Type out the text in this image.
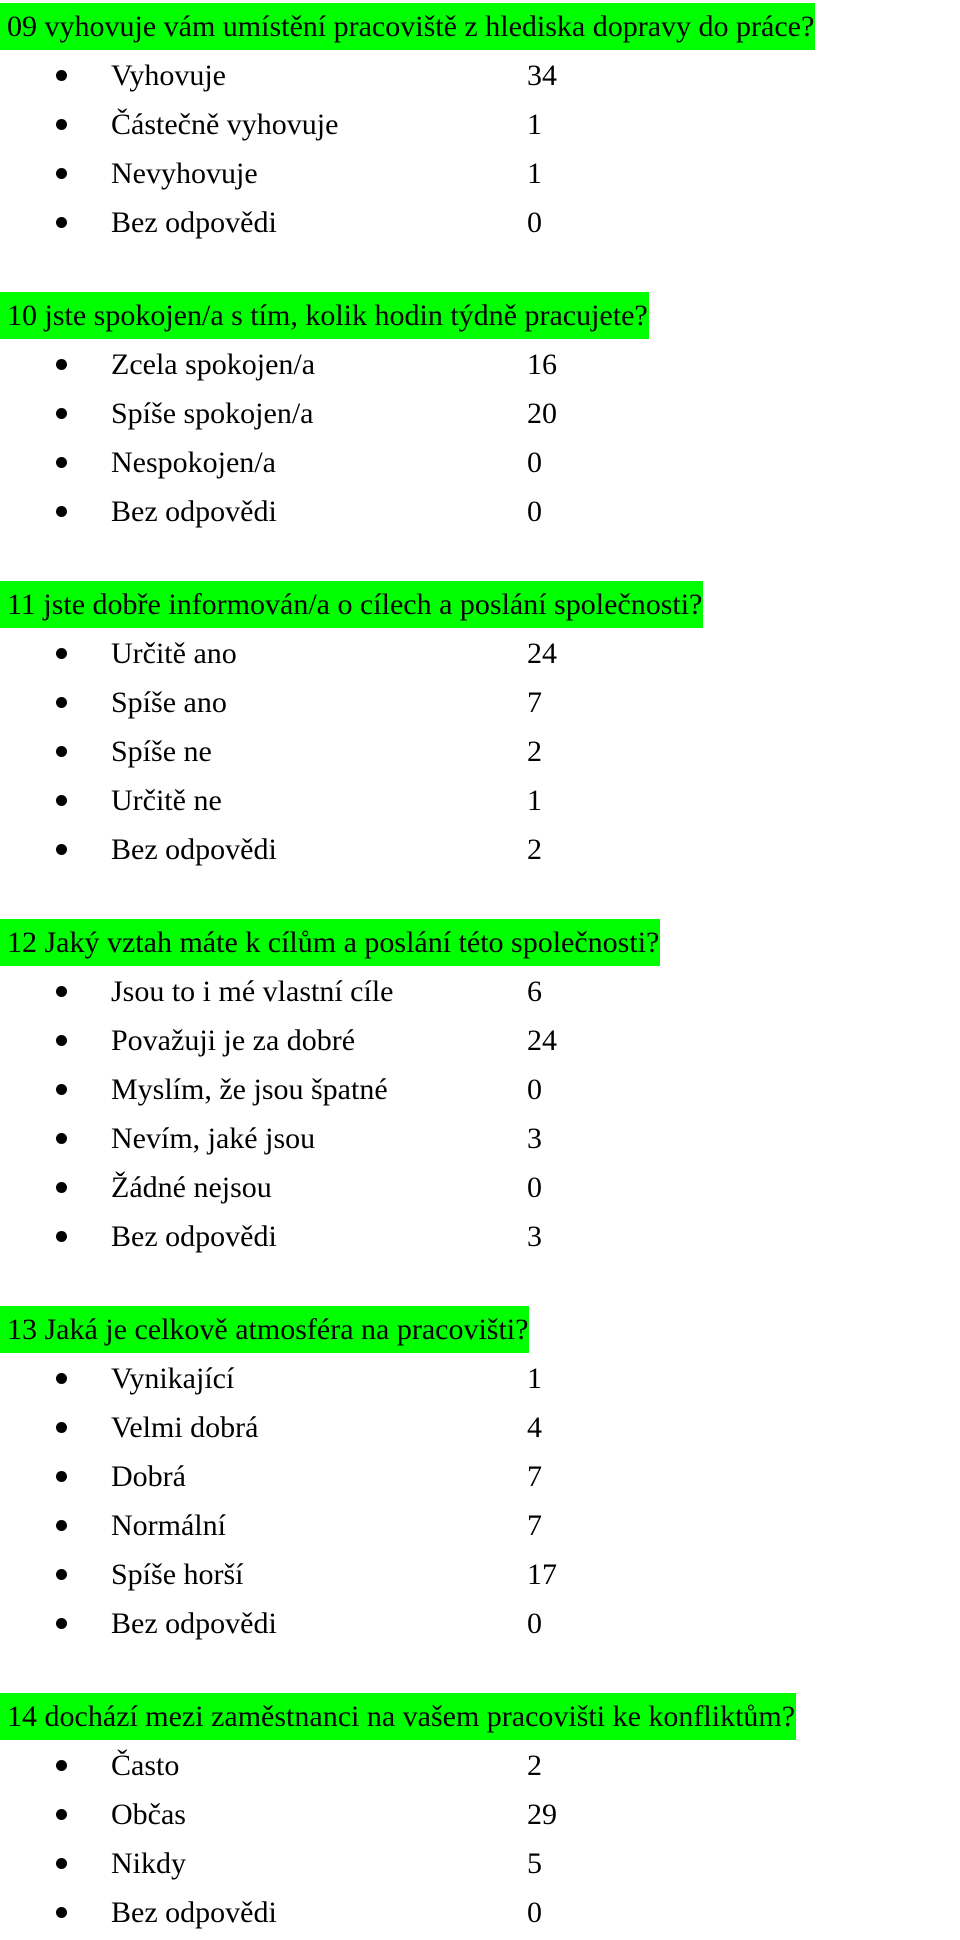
09 vyhovuje vám umístění pracoviště z hlediska dopravy do práce?
Vyhovuje	34
Částečně vyhovuje	1
Nevyhovuje	1
Bez odpovědi	0
10 jste spokojen/a s tím, kolik hodin týdně pracujete?
Zcela spokojen/a	16
Spíše spokojen/a	20
Nespokojen/a	0
Bez odpovědi	0
11 jste dobře informován/a o cílech a poslání společnosti?
Určitě ano	24
Spíše ano	7
Spíše ne	2
Určitě ne	1
Bez odpovědi	2
12 Jaký vztah máte k cílům a poslání této společnosti?
Jsou to i mé vlastní cíle	6
Považuji je za dobré	24
Myslím, že jsou špatné	0
Nevím, jaké jsou	3
Žádné nejsou	0
Bez odpovědi	3
13 Jaká je celkově atmosféra na pracovišti?
Vynikající	1
Velmi dobrá	4
Dobrá	7
Normální	7
Spíše horší	17
Bez odpovědi	0
14 dochází mezi zaměstnanci na vašem pracovišti ke konfliktům?
Často	2
Občas	29
Nikdy	5
Bez odpovědi	0
